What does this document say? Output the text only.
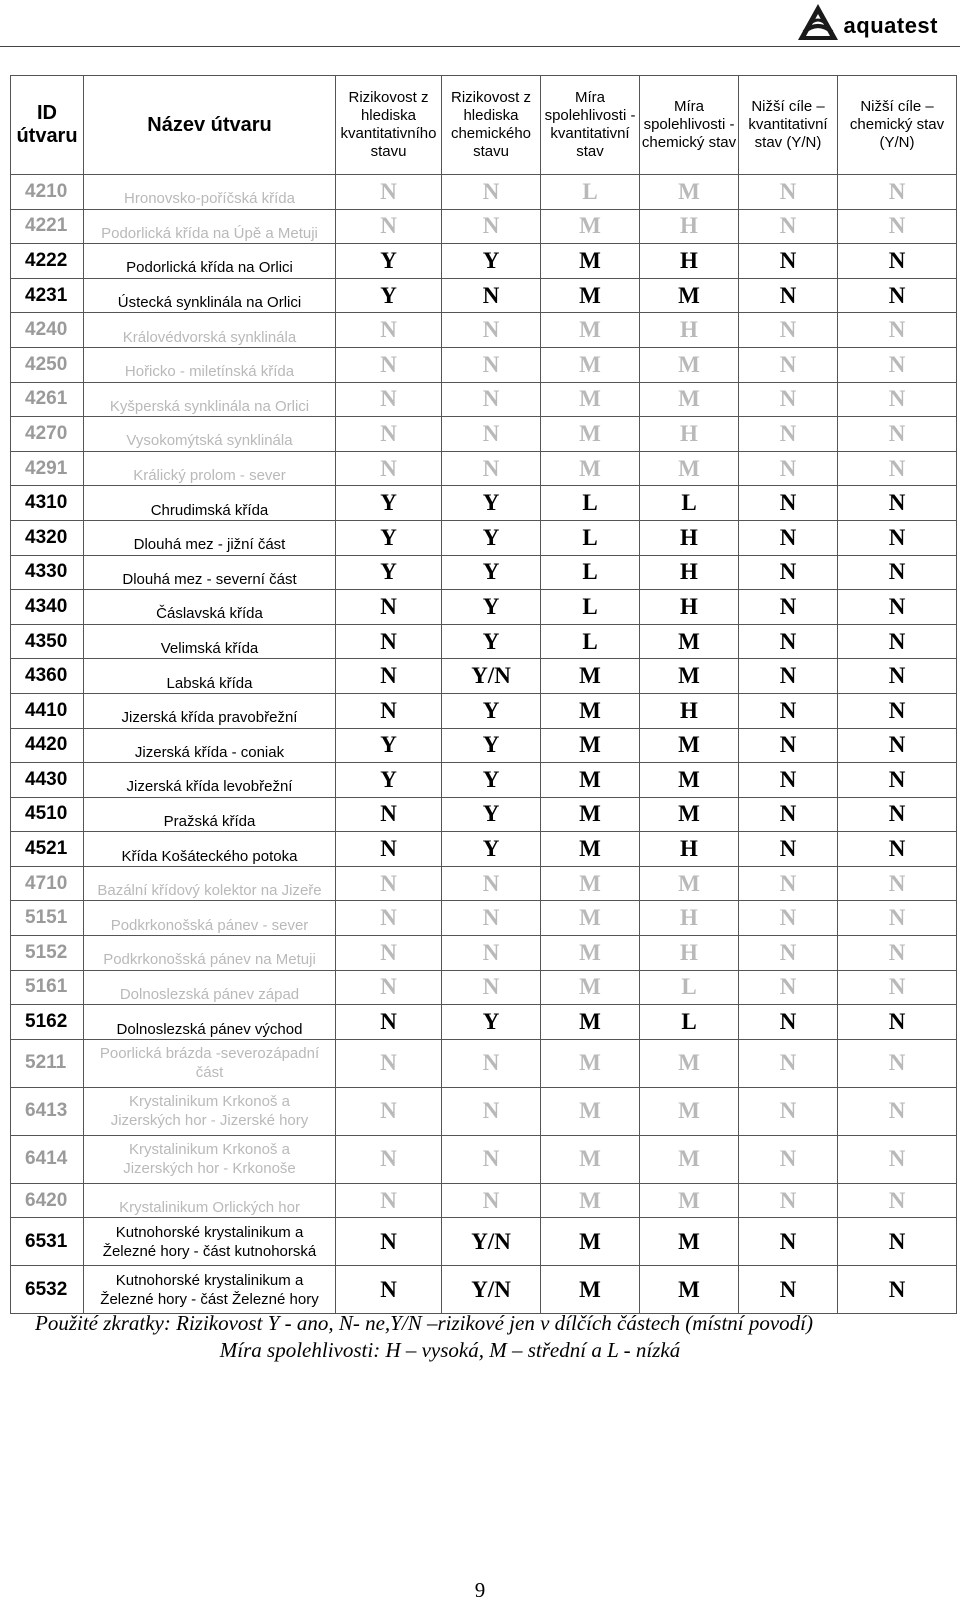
aquatest
ID útvaru	Název útvaru	Rizikovost z hlediska kvantitativního stavu	Rizikovost z hlediska chemického stavu	Míra spolehlivosti -kvantitativní stav	Míra spolehlivosti -chemický stav	Nižší cíle – kvantitativní stav (Y/N)	Nižší cíle – chemický stav (Y/N)
4210	Hronovsko-poříčská křída	N	N	L	M	N	N
4221	Podorlická křída na Úpě a Metuji	N	N	M	H	N	N
4222	Podorlická křída na Orlici	Y	Y	M	H	N	N
4231	Ústecká synklinála na Orlici	Y	N	M	M	N	N
4240	Královédvorská synklinála	N	N	M	H	N	N
4250	Hořicko - miletínská křída	N	N	M	M	N	N
4261	Kyšperská synklinála na Orlici	N	N	M	M	N	N
4270	Vysokomýtská synklinála	N	N	M	H	N	N
4291	Králický prolom - sever	N	N	M	M	N	N
4310	Chrudimská křída	Y	Y	L	L	N	N
4320	Dlouhá mez - jižní část	Y	Y	L	H	N	N
4330	Dlouhá mez - severní část	Y	Y	L	H	N	N
4340	Čáslavská křída	N	Y	L	H	N	N
4350	Velimská křída	N	Y	L	M	N	N
4360	Labská křída	N	Y/N	M	M	N	N
4410	Jizerská křída pravobřežní	N	Y	M	H	N	N
4420	Jizerská křída - coniak	Y	Y	M	M	N	N
4430	Jizerská křída levobřežní	Y	Y	M	M	N	N
4510	Pražská křída	N	Y	M	M	N	N
4521	Křída Košáteckého potoka	N	Y	M	H	N	N
4710	Bazální křídový kolektor na Jizeře	N	N	M	M	N	N
5151	Podkrkonošská pánev - sever	N	N	M	H	N	N
5152	Podkrkonošská pánev na Metuji	N	N	M	H	N	N
5161	Dolnoslezská pánev západ	N	N	M	L	N	N
5162	Dolnoslezská pánev východ	N	Y	M	L	N	N
5211	Poorlická brázda -severozápadní
část	N	N	M	M	N	N
6413	Krystalinikum Krkonoš a
Jizerských hor - Jizerské hory	N	N	M	M	N	N
6414	Krystalinikum Krkonoš a
Jizerských hor - Krkonoše	N	N	M	M	N	N
6420	Krystalinikum Orlických hor	N	N	M	M	N	N
6531	Kutnohorské krystalinikum a
Železné hory - část kutnohorská	N	Y/N	M	M	N	N
6532	Kutnohorské krystalinikum a
Železné hory - část Železné hory	N	Y/N	M	M	N	N
Použité zkratky: Rizikovost Y - ano, N- ne,Y/N –rizikové jen v dílčích částech (místní povodí)
Míra spolehlivosti: H – vysoká, M – střední a L - nízká
9
